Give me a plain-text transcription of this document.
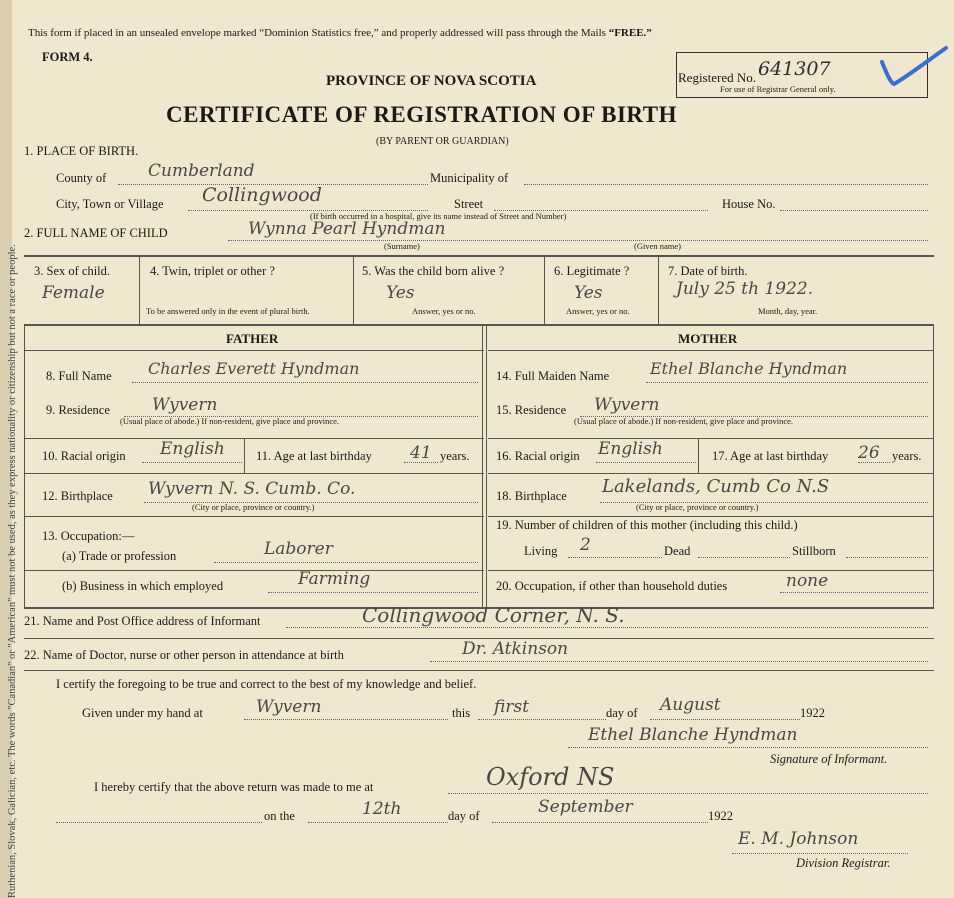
Ruthenian, Slovak, Galician, etc. The words "Canadian" or "American" must not be used, as they express nationality or citizenship but not a race or people.
This form if placed in an unsealed envelope marked “Dominion Statistics free,” and properly addressed will pass through the Mails “FREE.”
FORM 4.
PROVINCE OF NOVA SCOTIA
CERTIFICATE OF REGISTRATION OF BIRTH
(BY PARENT OR GUARDIAN)
Registered No. 641307
For use of Registrar General only.
1. PLACE OF BIRTH.
County of Cumberland	Municipality of
City, Town or Village Collingwood	Street	House No.
(If birth occurred in a hospital, give its name instead of Street and Number)
2. FULL NAME OF CHILD	Wynna Pearl Hyndman
(Surname)	(Given name)
3. Sex of child.
Female
4. Twin, triplet or other ?
To be answered only in the event of plural birth.
5. Was the child born alive ?
Yes
Answer, yes or no.
6. Legitimate ?
Yes
Answer, yes or no.
7. Date of birth.
July 25 th 1922.
Month, day, year.
FATHER	MOTHER
8. Full Name Charles Everett Hyndman
9. Residence Wyvern
(Usual place of abode.) If non-resident, give place and province.
10. Racial origin English 11. Age at last birthday 41 years.
12. Birthplace Wyvern N. S. Cumb. Co.
(City or place, province or country.)
13. Occupation:—
(a) Trade or profession	Laborer
(b) Business in which employed	Farming
14. Full Maiden Name	Ethel Blanche Hyndman
15. Residence Wyvern
(Usual place of abode.) If non-resident, give place and province.
16. Racial origin English	17. Age at last birthday 26 years.
18. Birthplace Lakelands, Cumb Co N.S
(City or place, province or country.)
19. Number of children of this mother (including this child.)
Living 2	Dead	Stillborn
20. Occupation, if other than household duties	none
21. Name and Post Office address of Informant	Collingwood Corner, N. S.
22. Name of Doctor, nurse or other person in attendance at birth	Dr. Atkinson
I certify the foregoing to be true and correct to the best of my knowledge and belief.
Given under my hand at	Wyvern	this first	day of August	1922
Ethel Blanche Hyndman
Signature of Informant.
I hereby certify that the above return was made to me at	Oxford NS
on the	12th	day of	September	1922
E. M. Johnson
Division Registrar.
